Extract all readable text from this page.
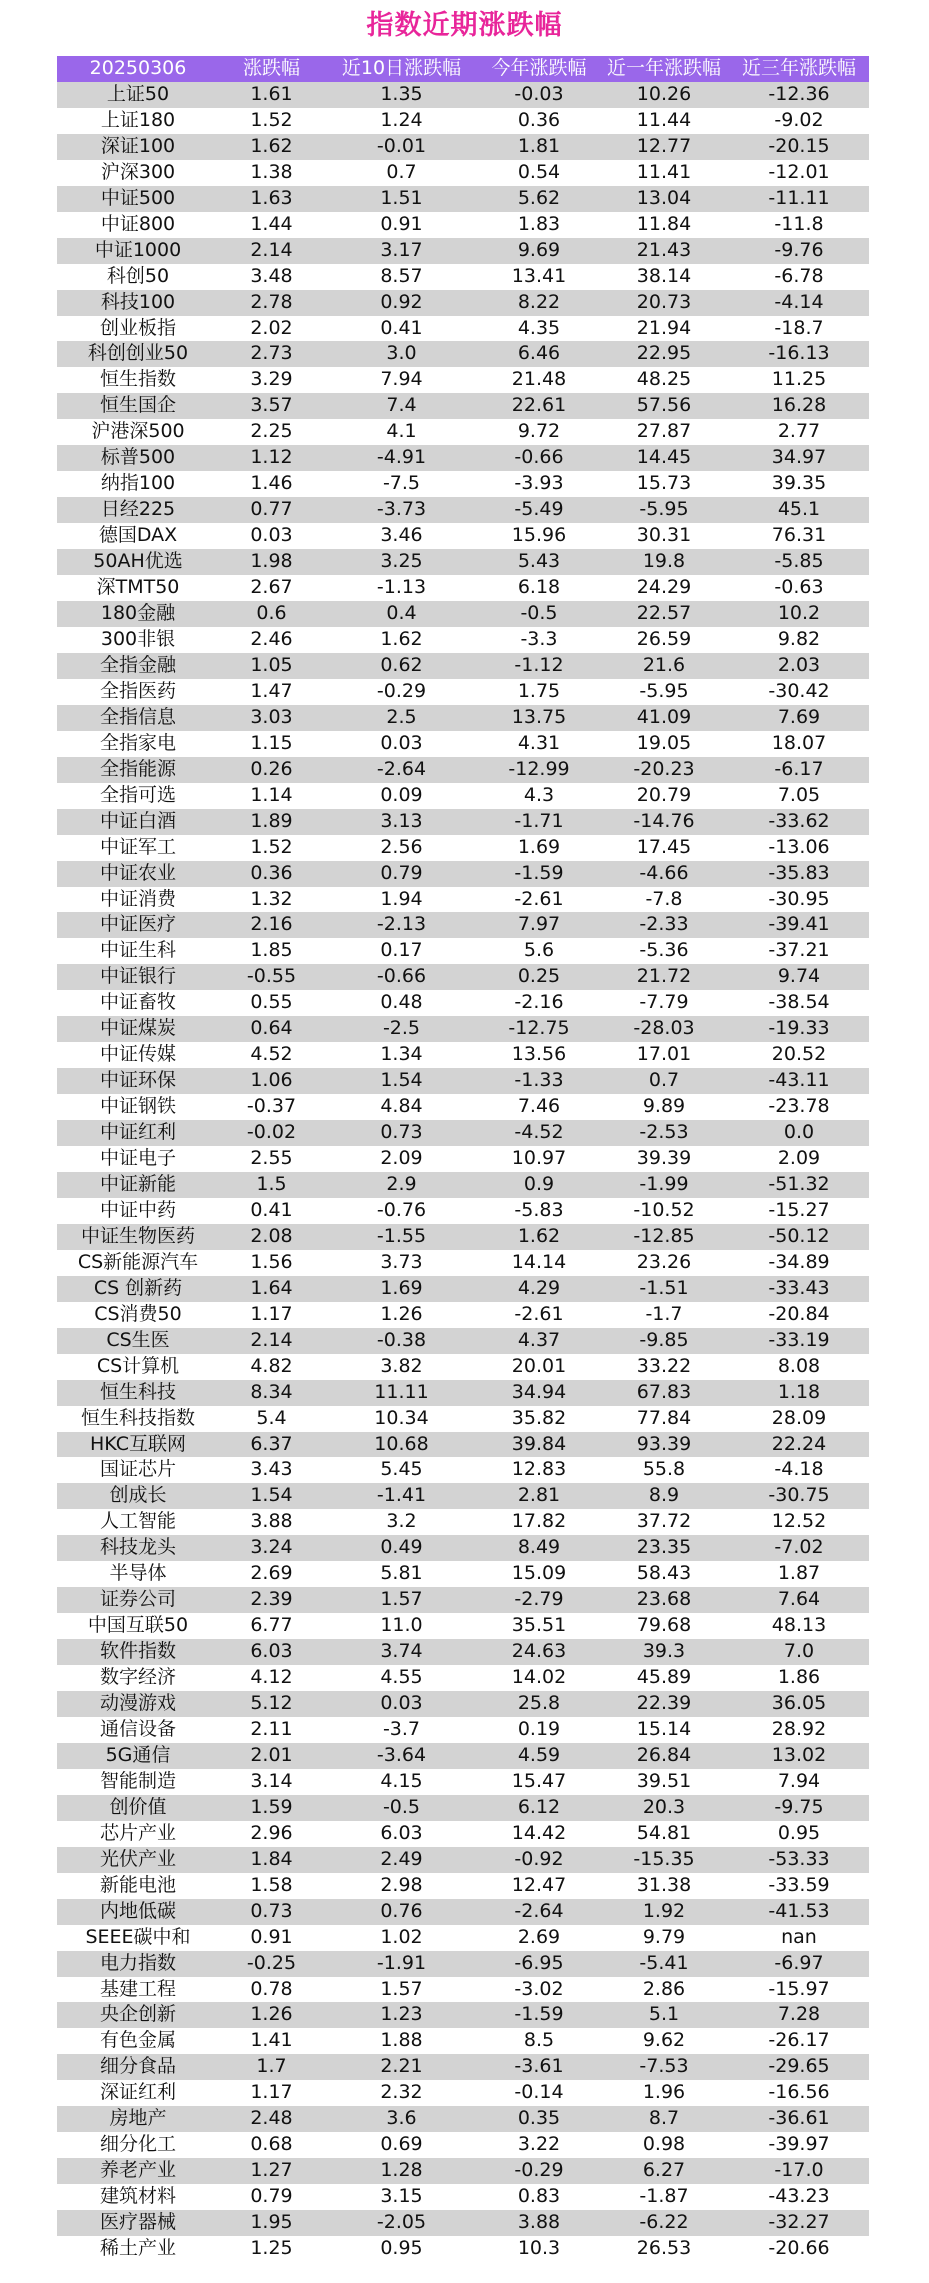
指数近期涨跌幅
20250306	涨跌幅	近10日涨跌幅	今年涨跌幅	近一年涨跌幅	近三年涨跌幅
上证50	1.61	1.35	-0.03	10.26	-12.36
上证180	1.52	1.24	0.36	11.44	-9.02
深证100	1.62	-0.01	1.81	12.77	-20.15
沪深300	1.38	0.7	0.54	11.41	-12.01
中证500	1.63	1.51	5.62	13.04	-11.11
中证800	1.44	0.91	1.83	11.84	-11.8
中证1000	2.14	3.17	9.69	21.43	-9.76
科创50	3.48	8.57	13.41	38.14	-6.78
科技100	2.78	0.92	8.22	20.73	-4.14
创业板指	2.02	0.41	4.35	21.94	-18.7
科创创业50	2.73	3.0	6.46	22.95	-16.13
恒生指数	3.29	7.94	21.48	48.25	11.25
恒生国企	3.57	7.4	22.61	57.56	16.28
沪港深500	2.25	4.1	9.72	27.87	2.77
标普500	1.12	-4.91	-0.66	14.45	34.97
纳指100	1.46	-7.5	-3.93	15.73	39.35
日经225	0.77	-3.73	-5.49	-5.95	45.1
德国DAX	0.03	3.46	15.96	30.31	76.31
50AH优选	1.98	3.25	5.43	19.8	-5.85
深TMT50	2.67	-1.13	6.18	24.29	-0.63
180金融	0.6	0.4	-0.5	22.57	10.2
300非银	2.46	1.62	-3.3	26.59	9.82
全指金融	1.05	0.62	-1.12	21.6	2.03
全指医药	1.47	-0.29	1.75	-5.95	-30.42
全指信息	3.03	2.5	13.75	41.09	7.69
全指家电	1.15	0.03	4.31	19.05	18.07
全指能源	0.26	-2.64	-12.99	-20.23	-6.17
全指可选	1.14	0.09	4.3	20.79	7.05
中证白酒	1.89	3.13	-1.71	-14.76	-33.62
中证军工	1.52	2.56	1.69	17.45	-13.06
中证农业	0.36	0.79	-1.59	-4.66	-35.83
中证消费	1.32	1.94	-2.61	-7.8	-30.95
中证医疗	2.16	-2.13	7.97	-2.33	-39.41
中证生科	1.85	0.17	5.6	-5.36	-37.21
中证银行	-0.55	-0.66	0.25	21.72	9.74
中证畜牧	0.55	0.48	-2.16	-7.79	-38.54
中证煤炭	0.64	-2.5	-12.75	-28.03	-19.33
中证传媒	4.52	1.34	13.56	17.01	20.52
中证环保	1.06	1.54	-1.33	0.7	-43.11
中证钢铁	-0.37	4.84	7.46	9.89	-23.78
中证红利	-0.02	0.73	-4.52	-2.53	0.0
中证电子	2.55	2.09	10.97	39.39	2.09
中证新能	1.5	2.9	0.9	-1.99	-51.32
中证中药	0.41	-0.76	-5.83	-10.52	-15.27
中证生物医药	2.08	-1.55	1.62	-12.85	-50.12
CS新能源汽车	1.56	3.73	14.14	23.26	-34.89
CS 创新药	1.64	1.69	4.29	-1.51	-33.43
CS消费50	1.17	1.26	-2.61	-1.7	-20.84
CS生医	2.14	-0.38	4.37	-9.85	-33.19
CS计算机	4.82	3.82	20.01	33.22	8.08
恒生科技	8.34	11.11	34.94	67.83	1.18
恒生科技指数	5.4	10.34	35.82	77.84	28.09
HKC互联网	6.37	10.68	39.84	93.39	22.24
国证芯片	3.43	5.45	12.83	55.8	-4.18
创成长	1.54	-1.41	2.81	8.9	-30.75
人工智能	3.88	3.2	17.82	37.72	12.52
科技龙头	3.24	0.49	8.49	23.35	-7.02
半导体	2.69	5.81	15.09	58.43	1.87
证券公司	2.39	1.57	-2.79	23.68	7.64
中国互联50	6.77	11.0	35.51	79.68	48.13
软件指数	6.03	3.74	24.63	39.3	7.0
数字经济	4.12	4.55	14.02	45.89	1.86
动漫游戏	5.12	0.03	25.8	22.39	36.05
通信设备	2.11	-3.7	0.19	15.14	28.92
5G通信	2.01	-3.64	4.59	26.84	13.02
智能制造	3.14	4.15	15.47	39.51	7.94
创价值	1.59	-0.5	6.12	20.3	-9.75
芯片产业	2.96	6.03	14.42	54.81	0.95
光伏产业	1.84	2.49	-0.92	-15.35	-53.33
新能电池	1.58	2.98	12.47	31.38	-33.59
内地低碳	0.73	0.76	-2.64	1.92	-41.53
SEEE碳中和	0.91	1.02	2.69	9.79	nan
电力指数	-0.25	-1.91	-6.95	-5.41	-6.97
基建工程	0.78	1.57	-3.02	2.86	-15.97
央企创新	1.26	1.23	-1.59	5.1	7.28
有色金属	1.41	1.88	8.5	9.62	-26.17
细分食品	1.7	2.21	-3.61	-7.53	-29.65
深证红利	1.17	2.32	-0.14	1.96	-16.56
房地产	2.48	3.6	0.35	8.7	-36.61
细分化工	0.68	0.69	3.22	0.98	-39.97
养老产业	1.27	1.28	-0.29	6.27	-17.0
建筑材料	0.79	3.15	0.83	-1.87	-43.23
医疗器械	1.95	-2.05	3.88	-6.22	-32.27
稀土产业	1.25	0.95	10.3	26.53	-20.66
